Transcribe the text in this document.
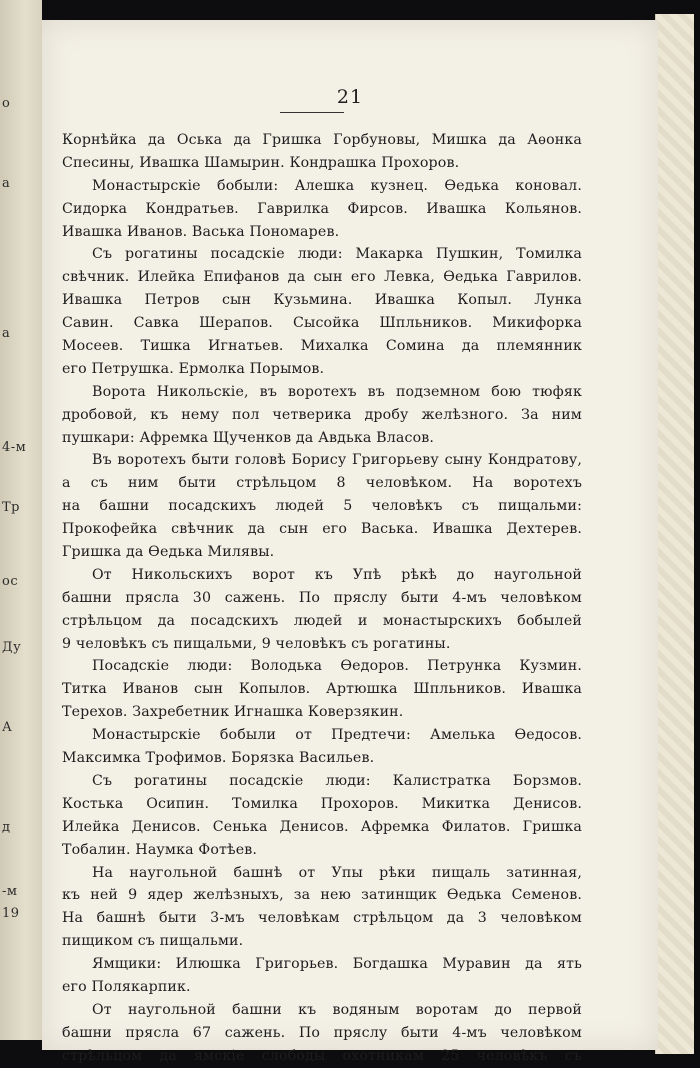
о
а
а
4-м
Тр
ос
Ду
А
д
-м
19
21
Корнѣйка да Оська да Гришка Горбуновы, Мишка да Аѳонка
Спесины, Ивашка Шамырин. Кондрашка Прохоров.
Монастырскіе бобыли: Алешка кузнец. Ѳедька коновал.
Сидорка Кондратьев. Гаврилка Фирсов. Ивашка Кольянов.
Ивашка Иванов. Васька Пономарев.
Съ рогатины посадскіе люди: Макарка Пушкин, Томилка
свѣчник. Илейка Епифанов да сын его Левка, Ѳедька Гаврилов.
Ивашка Петров сын Кузьмина. Ивашка Копыл. Лунка
Савин. Савка Шерапов. Сысойка Шпльников. Микифорка
Мосеев. Тишка Игнатьев. Михалка Сомина да племянник
его Петрушка. Ермолка Порымов.
Ворота Никольскіе, въ воротехъ въ подземном бою тюфяк
дробовой, къ нему пол четверика дробу желѣзного. За ним
пушкари: Афремка Щученков да Авдька Власов.
Въ воротехъ быти головѣ Борису Григорьеву сыну Кондратову,
а съ ним быти стрѣльцом 8 человѣком. На воротехъ
на башни посадскихъ людей 5 человѣкъ съ пищальми:
Прокофейка свѣчник да сын его Васька. Ивашка Дехтерев.
Гришка да Ѳедька Милявы.
От Никольскихъ ворот къ Упѣ рѣкѣ до наугольной
башни прясла 30 сажень. По пряслу быти 4-мъ человѣком
стрѣльцом да посадскихъ людей и монастырскихъ бобылей
9 человѣкъ съ пищальми, 9 человѣкъ съ рогатины.
Посадскіе люди: Володька Ѳедоров. Петрунка Кузмин.
Титка Иванов сын Копылов. Артюшка Шпльников. Ивашка
Терехов. Захребетник Игнашка Коверзякин.
Монастырскіе бобыли от Предтечи: Амелька Ѳедосов.
Максимка Трофимов. Борязка Васильев.
Съ рогатины посадскіе люди: Калистратка Борзмов.
Костька Осипин. Томилка Прохоров. Микитка Денисов.
Илейка Денисов. Сенька Денисов. Афремка Филатов. Гришка
Тобалин. Наумка Фотѣев.
На наугольной башнѣ от Упы рѣки пищаль затинная,
къ ней 9 ядер желѣзныхъ, за нею затинщик Ѳедька Семенов.
На башнѣ быти 3-мъ человѣкам стрѣльцом да 3 человѣком
пищиком съ пищальми.
Ямщики: Илюшка Григорьев. Богдашка Муравин да ять
его Полякарпик.
От наугольной башни къ водяным воротам до первой
башни прясла 67 сажень. По пряслу быти 4-мъ человѣком
стрѣльцом да ямскіе слободы охотникам 25 человѣкъ съ
